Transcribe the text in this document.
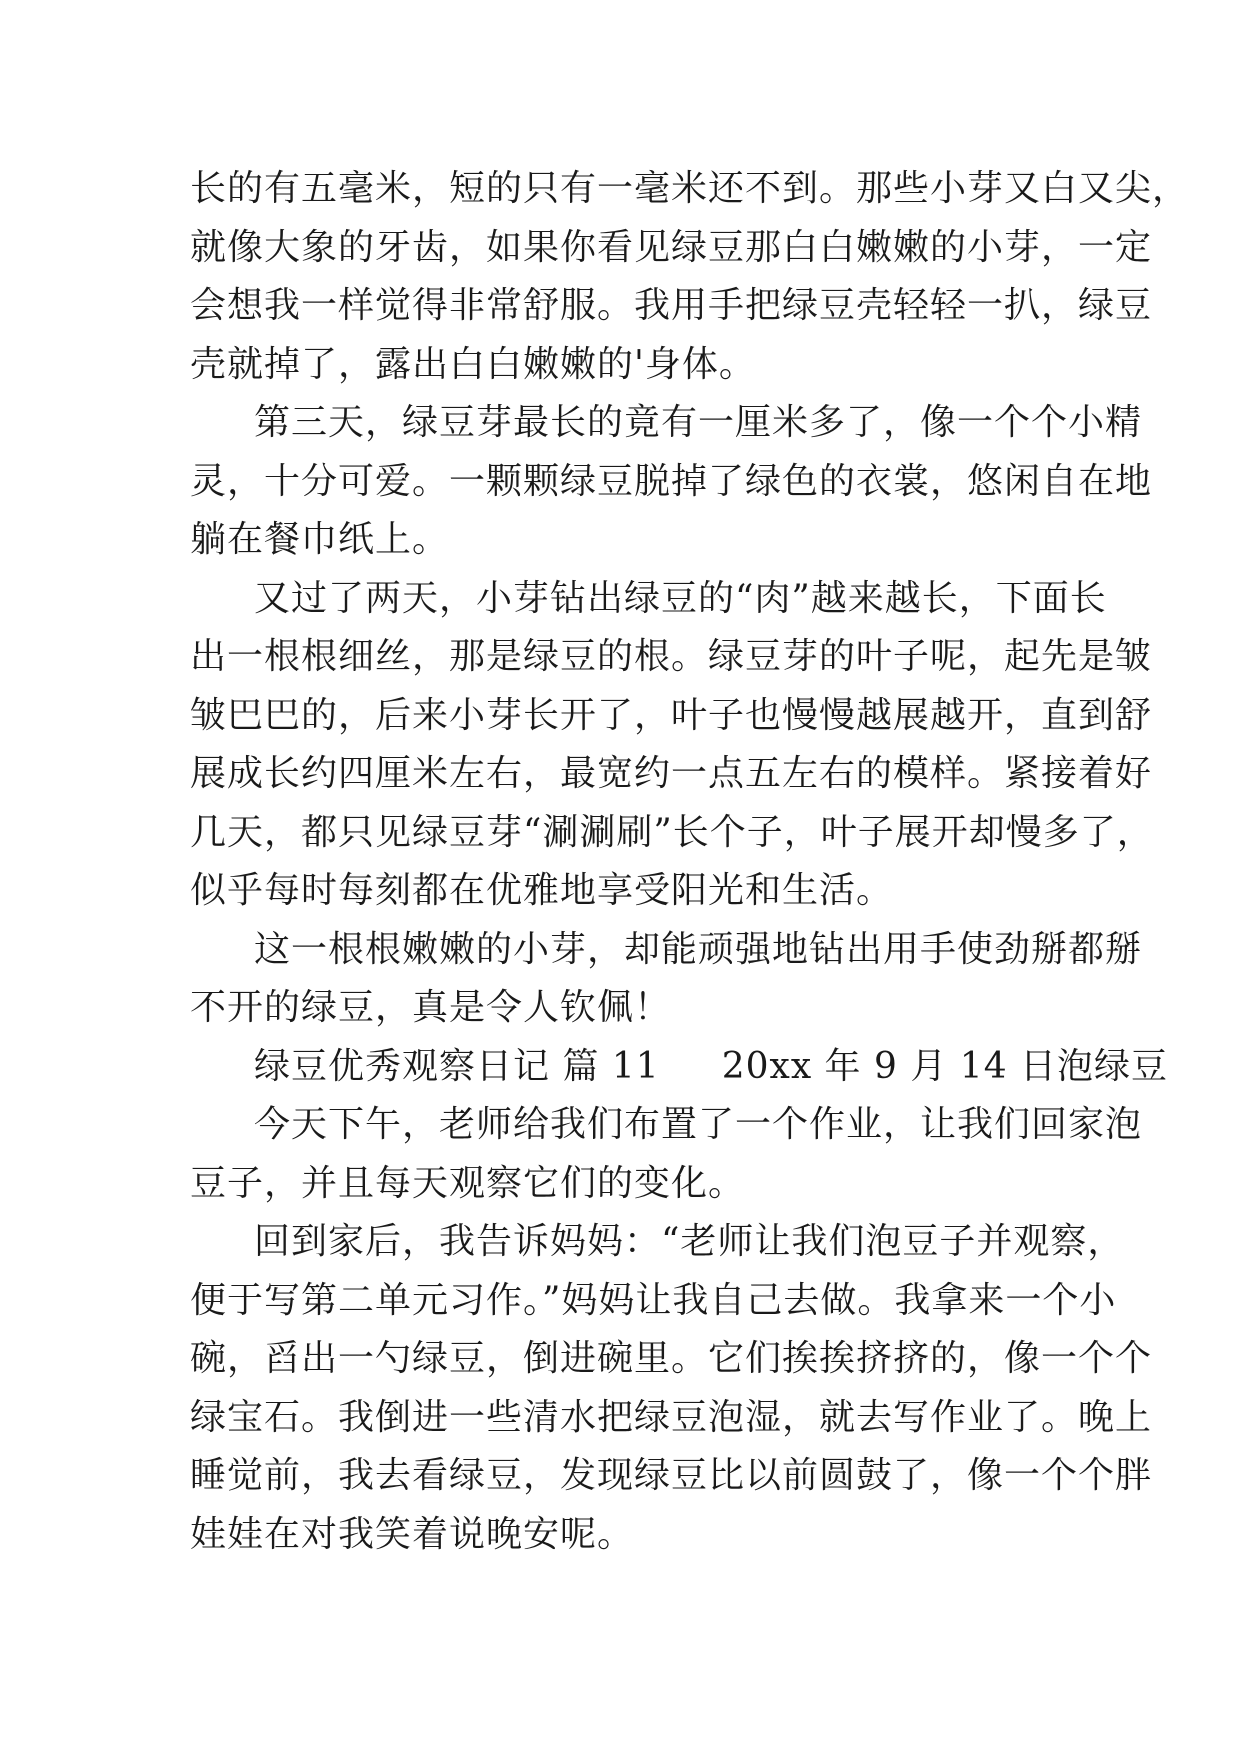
长的有五毫米，短的只有一毫米还不到。那些小芽又白又尖，
就像大象的牙齿，如果你看见绿豆那白白嫩嫩的小芽，一定
会想我一样觉得非常舒服。我用手把绿豆壳轻轻一扒，绿豆
壳就掉了，露出白白嫩嫩的'身体。
第三天，绿豆芽最长的竟有一厘米多了，像一个个小精
灵，十分可爱。一颗颗绿豆脱掉了绿色的衣裳，悠闲自在地
躺在餐巾纸上。
又过了两天，小芽钻出绿豆的“肉”越来越长，下面长
出一根根细丝，那是绿豆的根。绿豆芽的叶子呢，起先是皱
皱巴巴的，后来小芽长开了，叶子也慢慢越展越开，直到舒
展成长约四厘米左右，最宽约一点五左右的模样。紧接着好
几天，都只见绿豆芽“涮涮刷”长个子，叶子展开却慢多了，
似乎每时每刻都在优雅地享受阳光和生活。
这一根根嫩嫩的小芽，却能顽强地钻出用手使劲掰都掰
不开的绿豆，真是令人钦佩！
绿豆优秀观察日记 篇 11 20xx 年 9 月 14 日泡绿豆
今天下午，老师给我们布置了一个作业，让我们回家泡
豆子，并且每天观察它们的变化。
回到家后，我告诉妈妈：“老师让我们泡豆子并观察，
便于写第二单元习作。”妈妈让我自己去做。我拿来一个小
碗，舀出一勺绿豆，倒进碗里。它们挨挨挤挤的，像一个个
绿宝石。我倒进一些清水把绿豆泡湿，就去写作业了。晚上
睡觉前，我去看绿豆，发现绿豆比以前圆鼓了，像一个个胖
娃娃在对我笑着说晚安呢。
